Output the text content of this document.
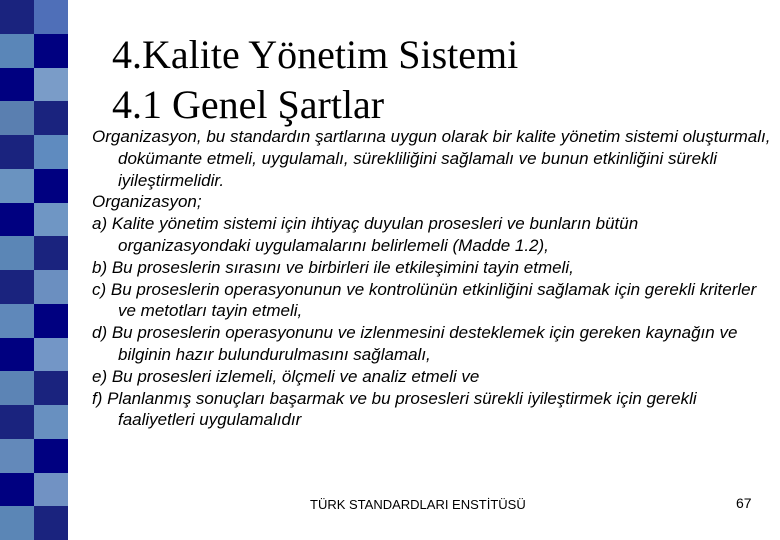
4.Kalite Yönetim Sistemi
4.1 Genel Şartlar

Organizasyon, bu standardın şartlarına uygun olarak bir kalite yönetim sistemi oluşturmalı, dokümante etmeli, uygulamalı, sürekliliğini sağlamalı ve bunun etkinliğini sürekli iyileştirmelidir.

Organizasyon;

a) Kalite yönetim sistemi için ihtiyaç duyulan prosesleri ve bunların bütün organizasyondaki uygulamalarını belirlemeli (Madde 1.2),

b) Bu proseslerin sırasını ve birbirleri ile etkileşimini tayin etmeli,

c) Bu proseslerin operasyonunun ve kontrolünün etkinliğini sağlamak için gerekli kriterler ve metotları tayin etmeli,

d) Bu proseslerin operasyonunu ve izlenmesini desteklemek için gereken kaynağın ve bilginin hazır bulundurulmasını sağlamalı,

e) Bu prosesleri izlemeli, ölçmeli ve analiz etmeli ve

f) Planlanmış sonuçları başarmak ve bu prosesleri sürekli iyileştirmek için gerekli faaliyetleri uygulamalıdır

TÜRK STANDARDLARI ENSTİTÜSÜ	67
